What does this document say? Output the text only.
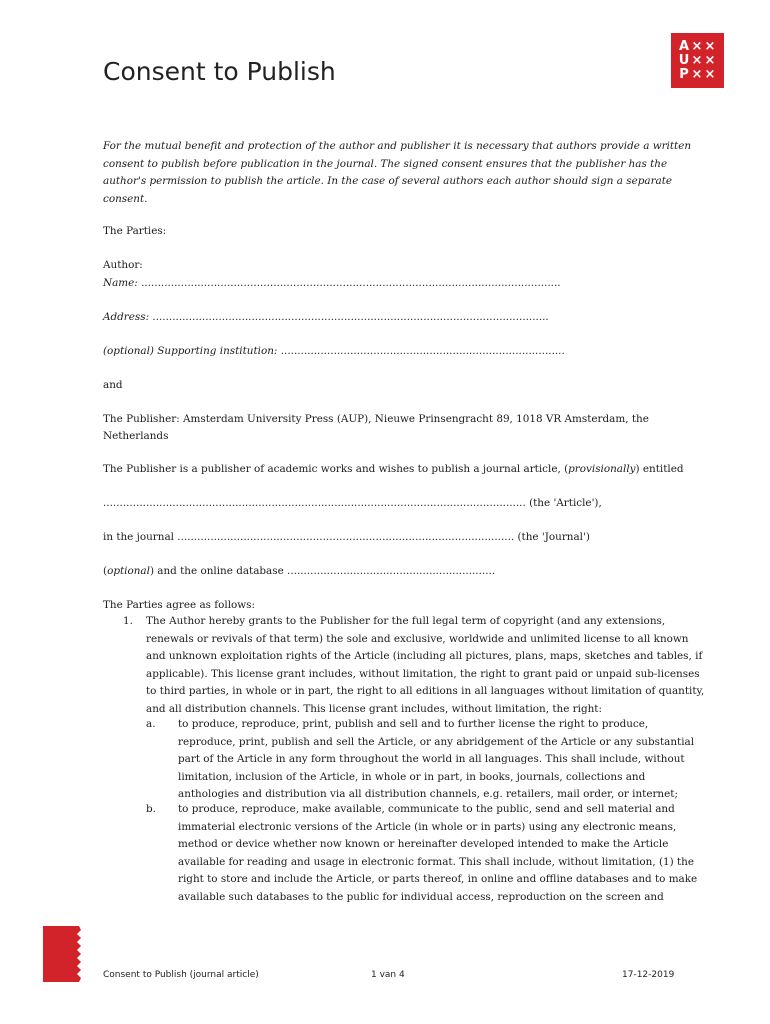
A
U
P
× ×
× ×
× ×
Consent to Publish
For the mutual benefit and protection of the author and publisher it is necessary that authors provide a written
consent to publish before publication in the journal. The signed consent ensures that the publisher has the
author's permission to publish the article. In the case of several authors each author should sign a separate
consent.
The Parties:
Author:
Name: ...............................................................................................................................
Address: ........................................................................................................................
(optional) Supporting institution: ......................................................................................
and
The Publisher: Amsterdam University Press (AUP), Nieuwe Prinsengracht 89, 1018 VR Amsterdam, the
Netherlands
The Publisher is a publisher of academic works and wishes to publish a journal article, (provisionally) entitled
................................................................................................................................ (the 'Article'),
in the journal ...................................................................................................... (the 'Journal')
(optional) and the online database ...............................................................
The Parties agree as follows:
1. The Author hereby grants to the Publisher for the full legal term of copyright (and any extensions,
renewals or revivals of that term) the sole and exclusive, worldwide and unlimited license to all known
and unknown exploitation rights of the Article (including all pictures, plans, maps, sketches and tables, if
applicable). This license grant includes, without limitation, the right to grant paid or unpaid sub-licenses
to third parties, in whole or in part, the right to all editions in all languages without limitation of quantity,
and all distribution channels. This license grant includes, without limitation, the right:
a. to produce, reproduce, print, publish and sell and to further license the right to produce,
reproduce, print, publish and sell the Article, or any abridgement of the Article or any substantial
part of the Article in any form throughout the world in all languages. This shall include, without
limitation, inclusion of the Article, in whole or in part, in books, journals, collections and
anthologies and distribution via all distribution channels, e.g. retailers, mail order, or internet;
b. to produce, reproduce, make available, communicate to the public, send and sell material and
immaterial electronic versions of the Article (in whole or in parts) using any electronic means,
method or device whether now known or hereinafter developed intended to make the Article
available for reading and usage in electronic format. This shall include, without limitation, (1) the
right to store and include the Article, or parts thereof, in online and offline databases and to make
available such databases to the public for individual access, reproduction on the screen and
Consent to Publish (journal article)	1 van 4	17-12-2019
